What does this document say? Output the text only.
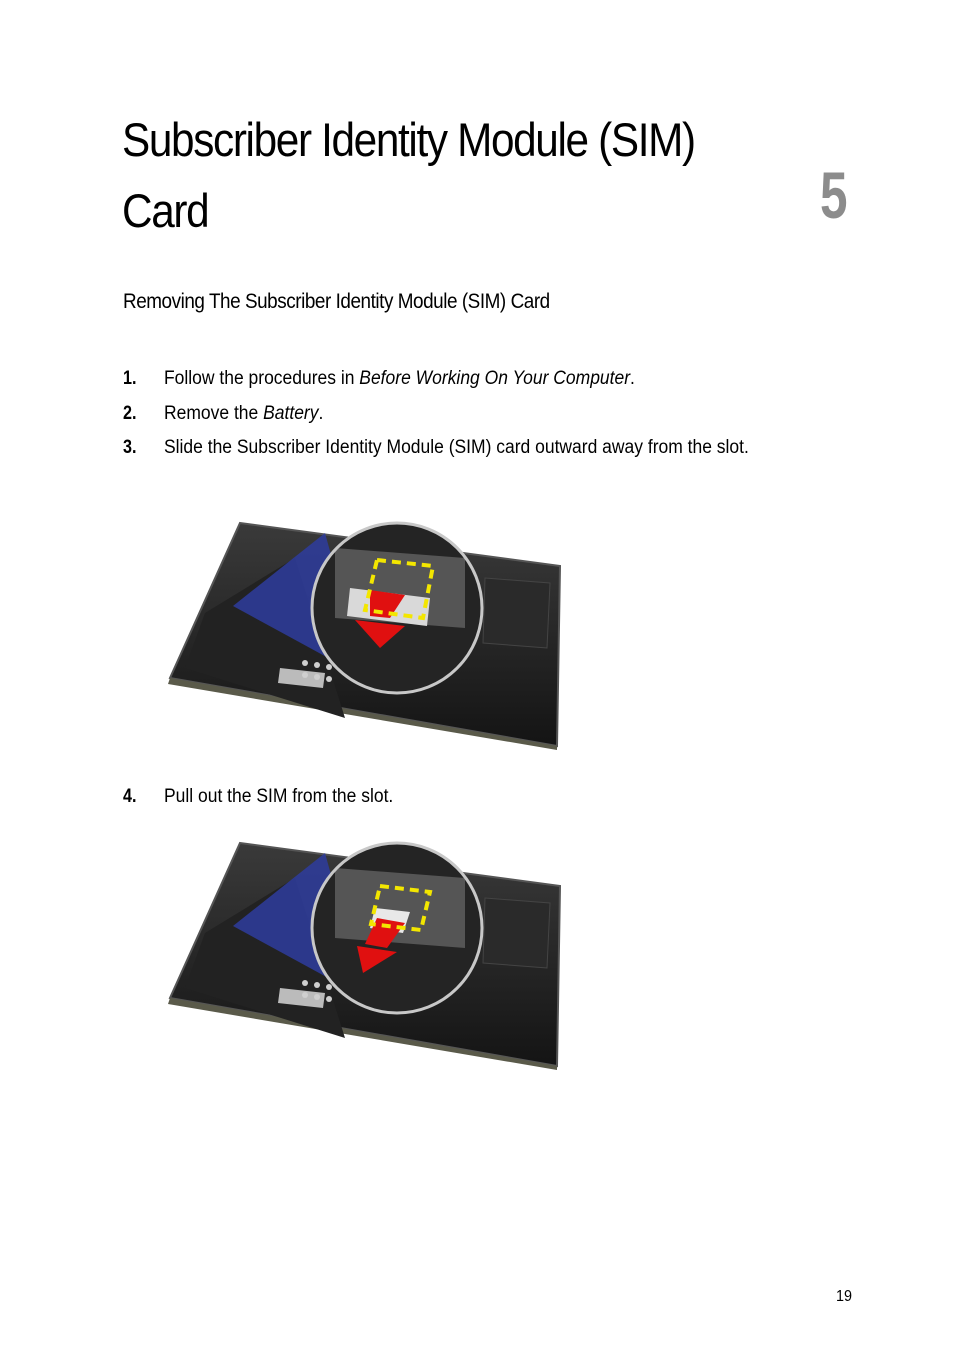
Subscriber Identity Module (SIM) Card	5
Removing The Subscriber Identity Module (SIM) Card
1. Follow the procedures in Before Working On Your Computer.
2. Remove the Battery.
3. Slide the Subscriber Identity Module (SIM) card outward away from the slot.
4. Pull out the SIM from the slot.
19
